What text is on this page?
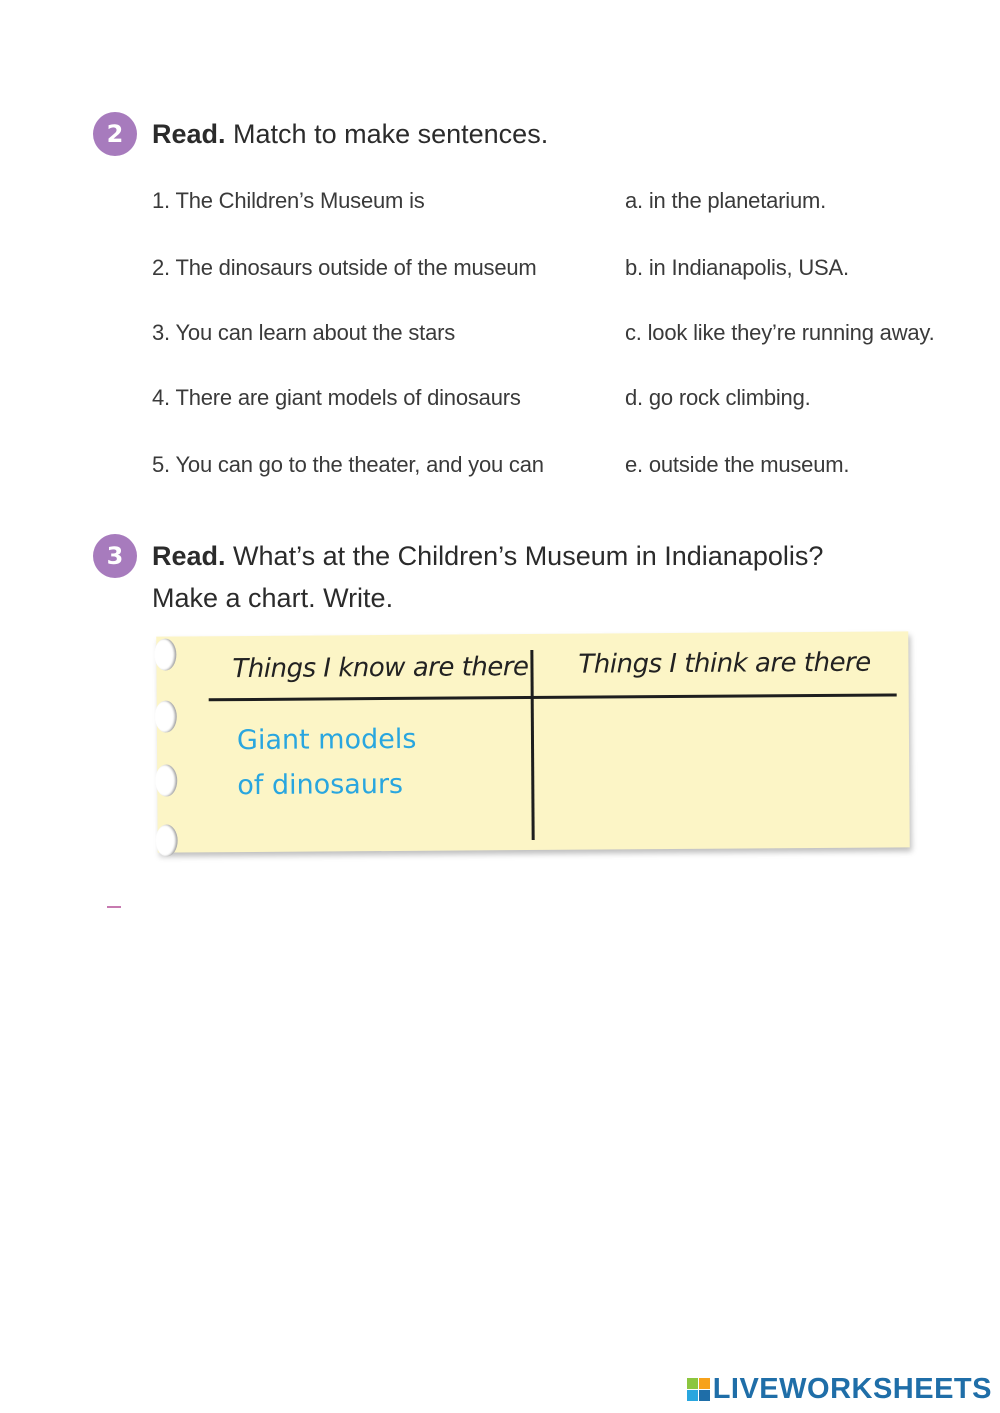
2	Read. Match to make sentences.
1. The Children’s Museum is
2. The dinosaurs outside of the museum
3. You can learn about the stars
4. There are giant models of dinosaurs
5. You can go to the theater, and you can
a. in the planetarium.
b. in Indianapolis, USA.
c. look like they’re running away.
d. go rock climbing.
e. outside the museum.
3	Read. What’s at the Children’s Museum in Indianapolis?
Make a chart. Write.
Things I know are there Things I think are there
Giant models
of dinosaurs
LIVEWORKSHEETS
